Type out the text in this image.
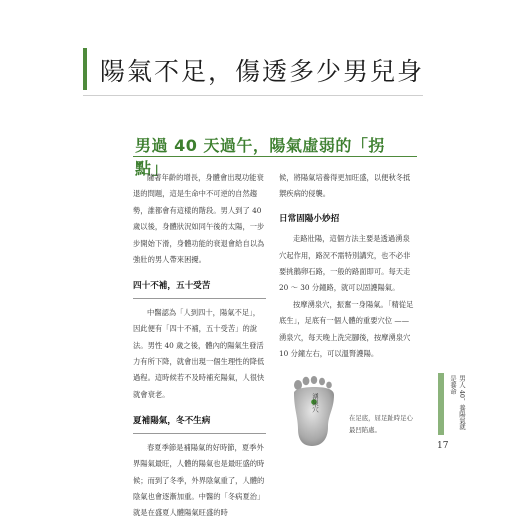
陽氣不足，傷透多少男兒身
男過 40 天過午，陽氣虛弱的「拐點」

隨著年齡的增長，身體會出現功能衰退的問題，這是生命中不可逆的自然趨勢，誰都會有這樣的階段。男人到了 40 歲以後，身體狀況如同午後的太陽，一步步開始下滑，身體功能的衰退會給自以為強壯的男人帶來困擾。

四十不補，五十受苦

中醫認為「人到四十，陽氣不足」，因此便有「四十不補，五十受苦」的說法。男性 40 歲之後，體內的陽氣生發活力有所下降，就會出現一個生理性的降低過程。這時候若不及時補充陽氣，人很快就會衰老。

夏補陽氣，冬不生病

春夏季節是補陽氣的好時節，夏季外界陽氣最旺，人體的陽氣也是最旺盛的時候；而到了冬季，外界陰氣重了，人體的陰氣也會逐漸加重。中醫的「冬病夏治」就是在盛夏人體陽氣旺盛的時

候，將陽氣培養得更加旺盛，以便秋冬抵禦疾病的侵襲。

日常固陽小妙招

走路壯陽，這個方法主要是透過湧泉穴起作用，路況不需特別講究，也不必非要挑鵝卵石路，一般的路面即可。每天走 20 ～ 30 分鐘路，就可以固護陽氣。

按摩湧泉穴，振奮一身陽氣。「精從足底生」，足底有一個人體的重要穴位 —— 湧泉穴，每天晚上洗完腳後，按摩湧泉穴 10 分鐘左右，可以溫腎護陽。

湧泉穴
在足底，屈足趾時足心最凹陷處。
男人 40，養陽氣就是養命
17
